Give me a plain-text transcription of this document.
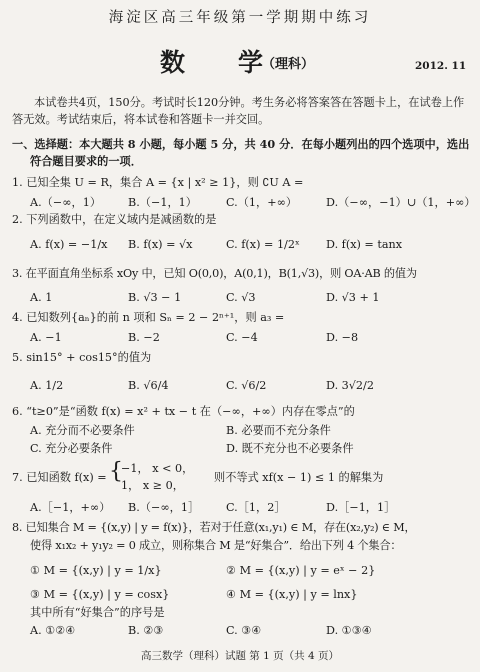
海淀区高三年级第一学期期中练习
数　学
（理科）	2012. 11
本试卷共4页，150分。考试时长120分钟。考生务必将答案答在答题卡上，在试卷上作答无效。考试结束后，将本试卷和答题卡一并交回。
一、选择题：本大题共 8 小题，每小题 5 分，共 40 分．在每小题列出的四个选项中，选出
符合题目要求的一项．
1. 已知全集 U = R，集合 A = {x | x² ≥ 1}，则 ∁U A =
A.（−∞，1） B.（−1，1）	C.（1，+∞）	D.（−∞，−1）∪（1，+∞）
2. 下列函数中，在定义域内是减函数的是
A. f(x) = −1/x B. f(x) = √x	C. f(x) = 1/2ˣ D. f(x) = tanx
3. 在平面直角坐标系 xOy 中，已知 O(0,0)，A(0,1)，B(1,√3)，则 OA·AB 的值为
A. 1	B. √3 − 1	C. √3	D. √3 + 1
4. 已知数列{aₙ}的前 n 项和 Sₙ = 2 − 2ⁿ⁺¹，则 a₃ =
A. −1	B. −2	C. −4	D. −8
5. sin15° + cos15°的值为
A. 1/2	B. √6/4	C. √6/2	D. 3√2/2
6. “t≥0”是“函数 f(x) = x² + tx − t 在（−∞，+∞）内存在零点”的
A. 充分而不必要条件	B. 必要而不充分条件
C. 充分必要条件	D. 既不充分也不必要条件
7. 已知函数 f(x) = {
−1， x < 0，
1， x ≥ 0，
则不等式 xf(x − 1) ≤ 1 的解集为
A.［−1，+∞） B.（−∞，1］ C.［1，2］	D.［−1，1］
8. 已知集合 M = {(x,y) | y = f(x)}，若对于任意(x₁,y₁) ∈ M，存在(x₂,y₂) ∈ M，
使得 x₁x₂ + y₁y₂ = 0 成立，则称集合 M 是“好集合”．给出下列 4 个集合：
① M = {(x,y) | y = 1/x}	② M = {(x,y) | y = eˣ − 2}
③ M = {(x,y) | y = cosx}	④ M = {(x,y) | y = lnx}
其中所有“好集合”的序号是
A. ①②④	B. ②③	C. ③④	D. ①③④
高三数学（理科）试题 第 1 页（共 4 页）
